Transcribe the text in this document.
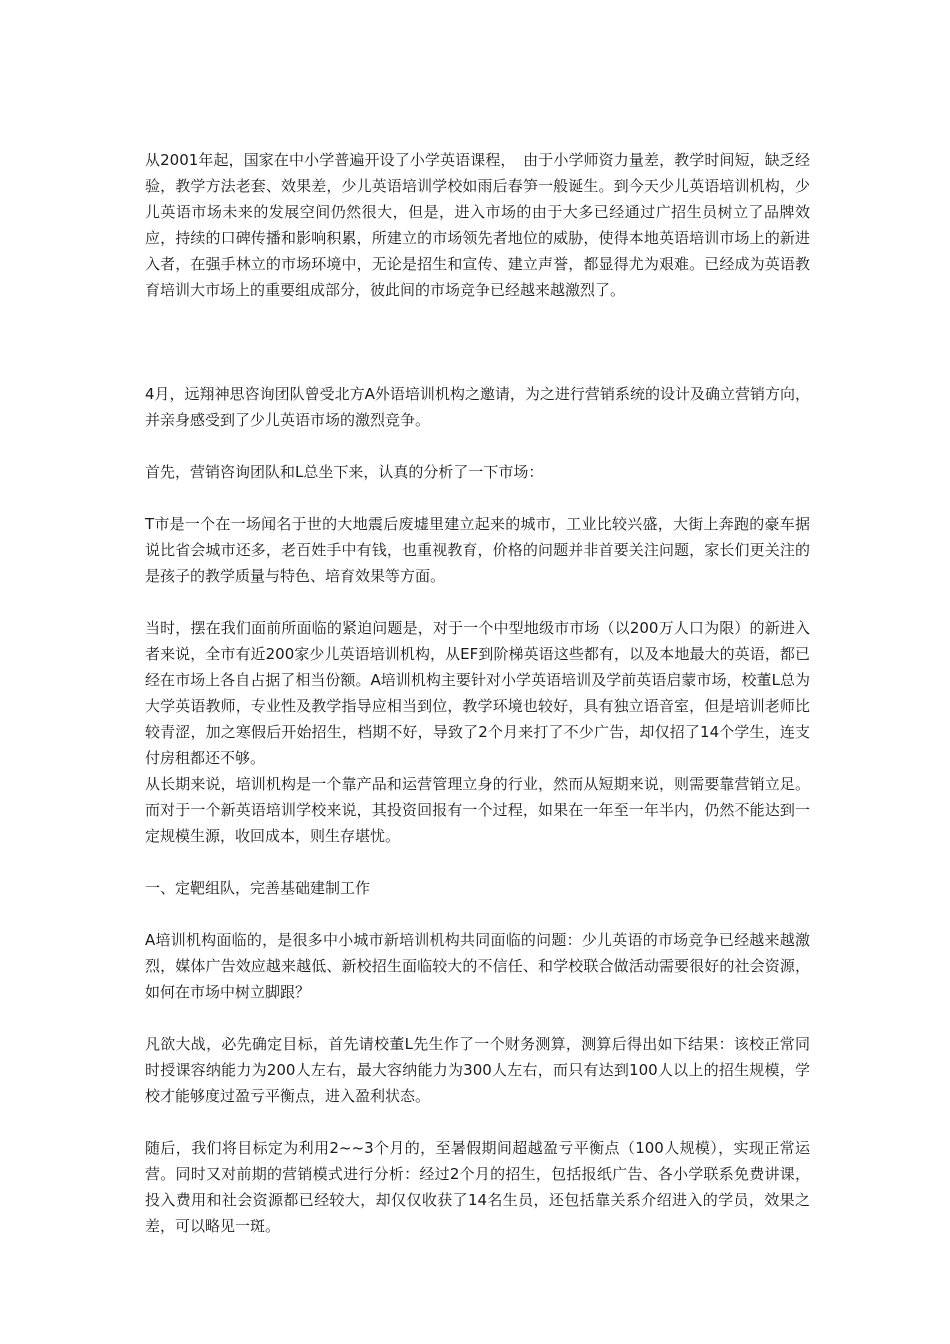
从2001年起，国家在中小学普遍开设了小学英语课程，　由于小学师资力量差，教学时间短，缺乏经验，教学方法老套、效果差，少儿英语培训学校如雨后春笋一般诞生。到今天少儿英语培训机构，少儿英语市场未来的发展空间仍然很大，但是，进入市场的由于大多已经通过广招生员树立了品牌效应，持续的口碑传播和影响积累，所建立的市场领先者地位的威胁，使得本地英语培训市场上的新进入者，在强手林立的市场环境中，无论是招生和宣传、建立声誉，都显得尤为艰难。已经成为英语教育培训大市场上的重要组成部分，彼此间的市场竞争已经越来越激烈了。

4月，远翔神思咨询团队曾受北方A外语培训机构之邀请，为之进行营销系统的设计及确立营销方向，并亲身感受到了少儿英语市场的激烈竞争。

首先，营销咨询团队和L总坐下来，认真的分析了一下市场：

T市是一个在一场闻名于世的大地震后废墟里建立起来的城市，工业比较兴盛，大街上奔跑的豪车据说比省会城市还多，老百姓手中有钱，也重视教育，价格的问题并非首要关注问题，家长们更关注的是孩子的教学质量与特色、培育效果等方面。

当时，摆在我们面前所面临的紧迫问题是，对于一个中型地级市市场（以200万人口为限）的新进入者来说，全市有近200家少儿英语培训机构，从EF到阶梯英语这些都有，以及本地最大的英语，都已经在市场上各自占据了相当份额。A培训机构主要针对小学英语培训及学前英语启蒙市场，校董L总为大学英语教师，专业性及教学指导应相当到位，教学环境也较好，具有独立语音室，但是培训老师比较青涩，加之寒假后开始招生，档期不好，导致了2个月来打了不少广告，却仅招了14个学生，连支付房租都还不够。

从长期来说，培训机构是一个靠产品和运营管理立身的行业，然而从短期来说，则需要靠营销立足。而对于一个新英语培训学校来说，其投资回报有一个过程，如果在一年至一年半内，仍然不能达到一定规模生源，收回成本，则生存堪忧。

一、定靶组队，完善基础建制工作

A培训机构面临的，是很多中小城市新培训机构共同面临的问题：少儿英语的市场竞争已经越来越激烈，媒体广告效应越来越低、新校招生面临较大的不信任、和学校联合做活动需要很好的社会资源，如何在市场中树立脚跟？

凡欲大战，必先确定目标，首先请校董L先生作了一个财务测算，测算后得出如下结果：该校正常同时授课容纳能力为200人左右，最大容纳能力为300人左右，而只有达到100人以上的招生规模，学校才能够度过盈亏平衡点，进入盈利状态。

随后，我们将目标定为利用2~~3个月的，至暑假期间超越盈亏平衡点（100人规模），实现正常运营。同时又对前期的营销模式进行分析：经过2个月的招生，包括报纸广告、各小学联系免费讲课，投入费用和社会资源都已经较大，却仅仅收获了14名生员，还包括靠关系介绍进入的学员，效果之差，可以略见一斑。
